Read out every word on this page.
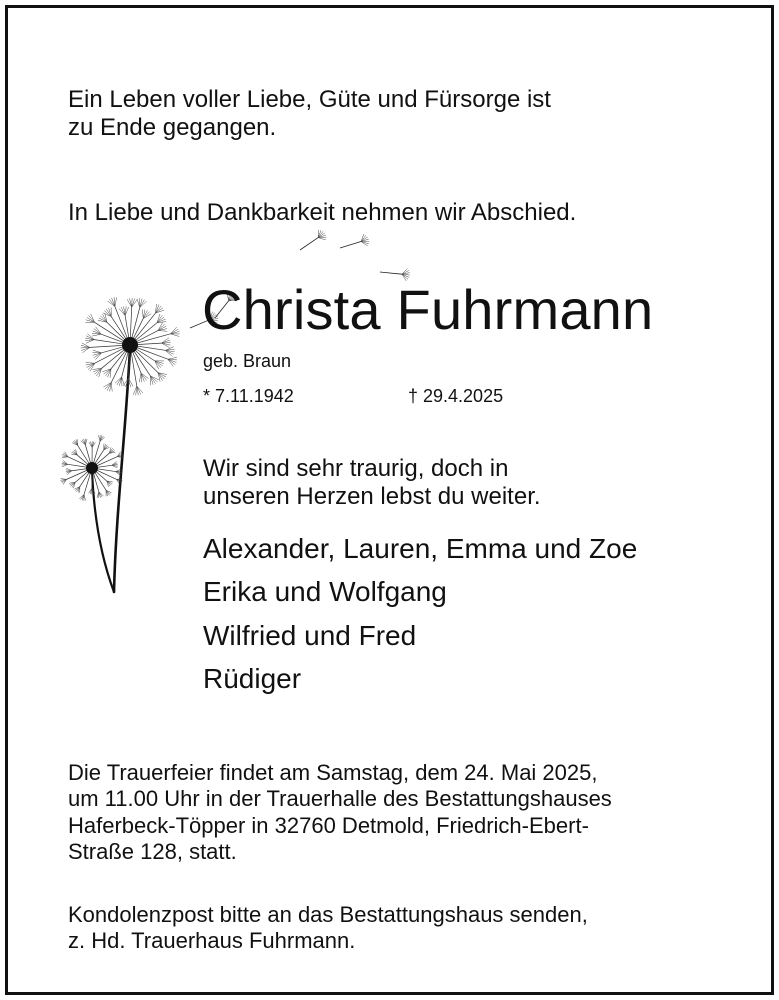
Ein Leben voller Liebe, Güte und Fürsorge ist
zu Ende gegangen.
In Liebe und Dankbarkeit nehmen wir Abschied.
Christa Fuhrmann
geb. Braun
* 7.11.1942	† 29.4.2025
Wir sind sehr traurig, doch in
unseren Herzen lebst du weiter.
Alexander, Lauren, Emma und Zoe
Erika und Wolfgang
Wilfried und Fred
Rüdiger
Die Trauerfeier findet am Samstag, dem 24. Mai 2025,
um 11.00 Uhr in der Trauerhalle des Bestattungshauses
Haferbeck-Töpper in 32760 Detmold, Friedrich-Ebert-
Straße 128, statt.
Kondolenzpost bitte an das Bestattungshaus senden,
z. Hd. Trauerhaus Fuhrmann.
